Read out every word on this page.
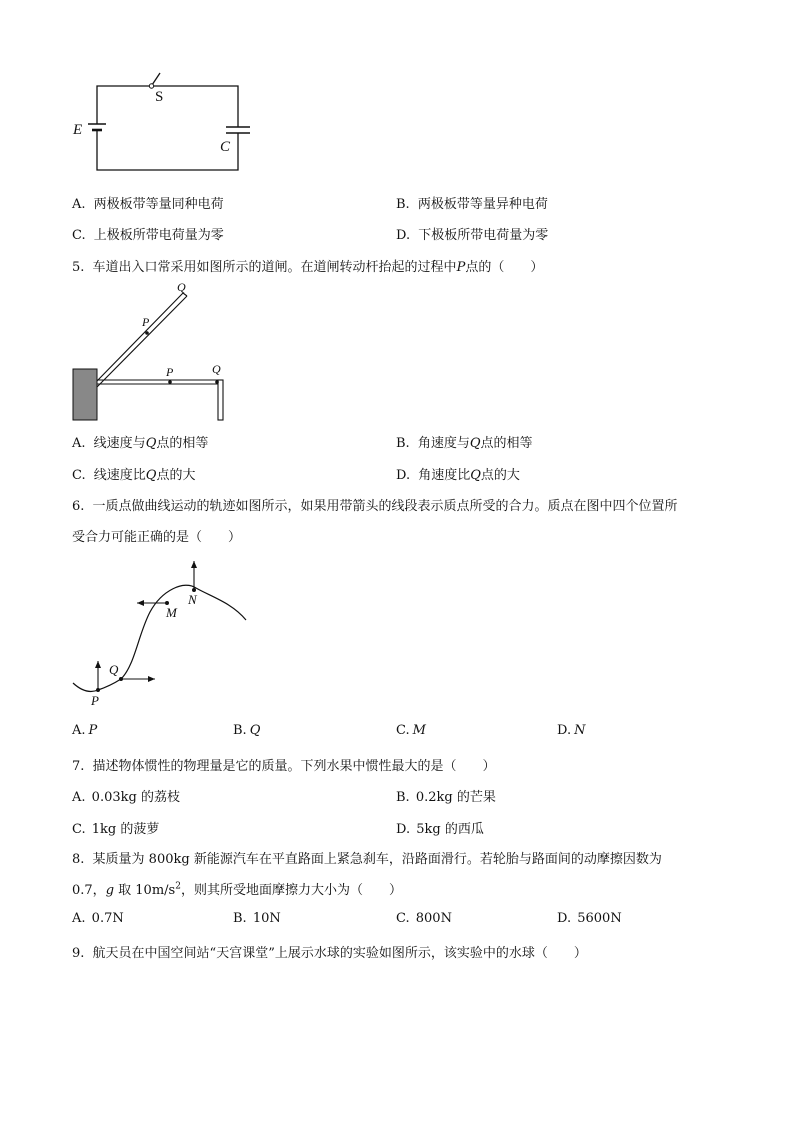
S
E
C
A. 两极板带等量同种电荷	B. 两极板带等量异种电荷
C. 上极板所带电荷量为零	D. 下极板所带电荷量为零
5. 车道出入口常采用如图所示的道闸。在道闸转动杆抬起的过程中P点的（　　）
Q
P
P	Q
A. 线速度与Q点的相等	B. 角速度与Q点的相等
C. 线速度比Q点的大	D. 角速度比Q点的大
6. 一质点做曲线运动的轨迹如图所示，如果用带箭头的线段表示质点所受的合力。质点在图中四个位置所
受合力可能正确的是（　　）
P
Q
M
N
A. P	B. Q	C. M	D. N
7. 描述物体惯性的物理量是它的质量。下列水果中惯性最大的是（　　）
A. 0.03kg 的荔枝	B. 0.2kg 的芒果
C. 1kg 的菠萝	D. 5kg 的西瓜
8. 某质量为 800kg 新能源汽车在平直路面上紧急刹车，沿路面滑行。若轮胎与路面间的动摩擦因数为
0.7，g 取 $10m/s^2$，则其所受地面摩擦力大小为（　　）
A. 0.7N	B. 10N	C. 800N	D. 5600N
9. 航天员在中国空间站“天宫课堂”上展示水球的实验如图所示，该实验中的水球（　　）
